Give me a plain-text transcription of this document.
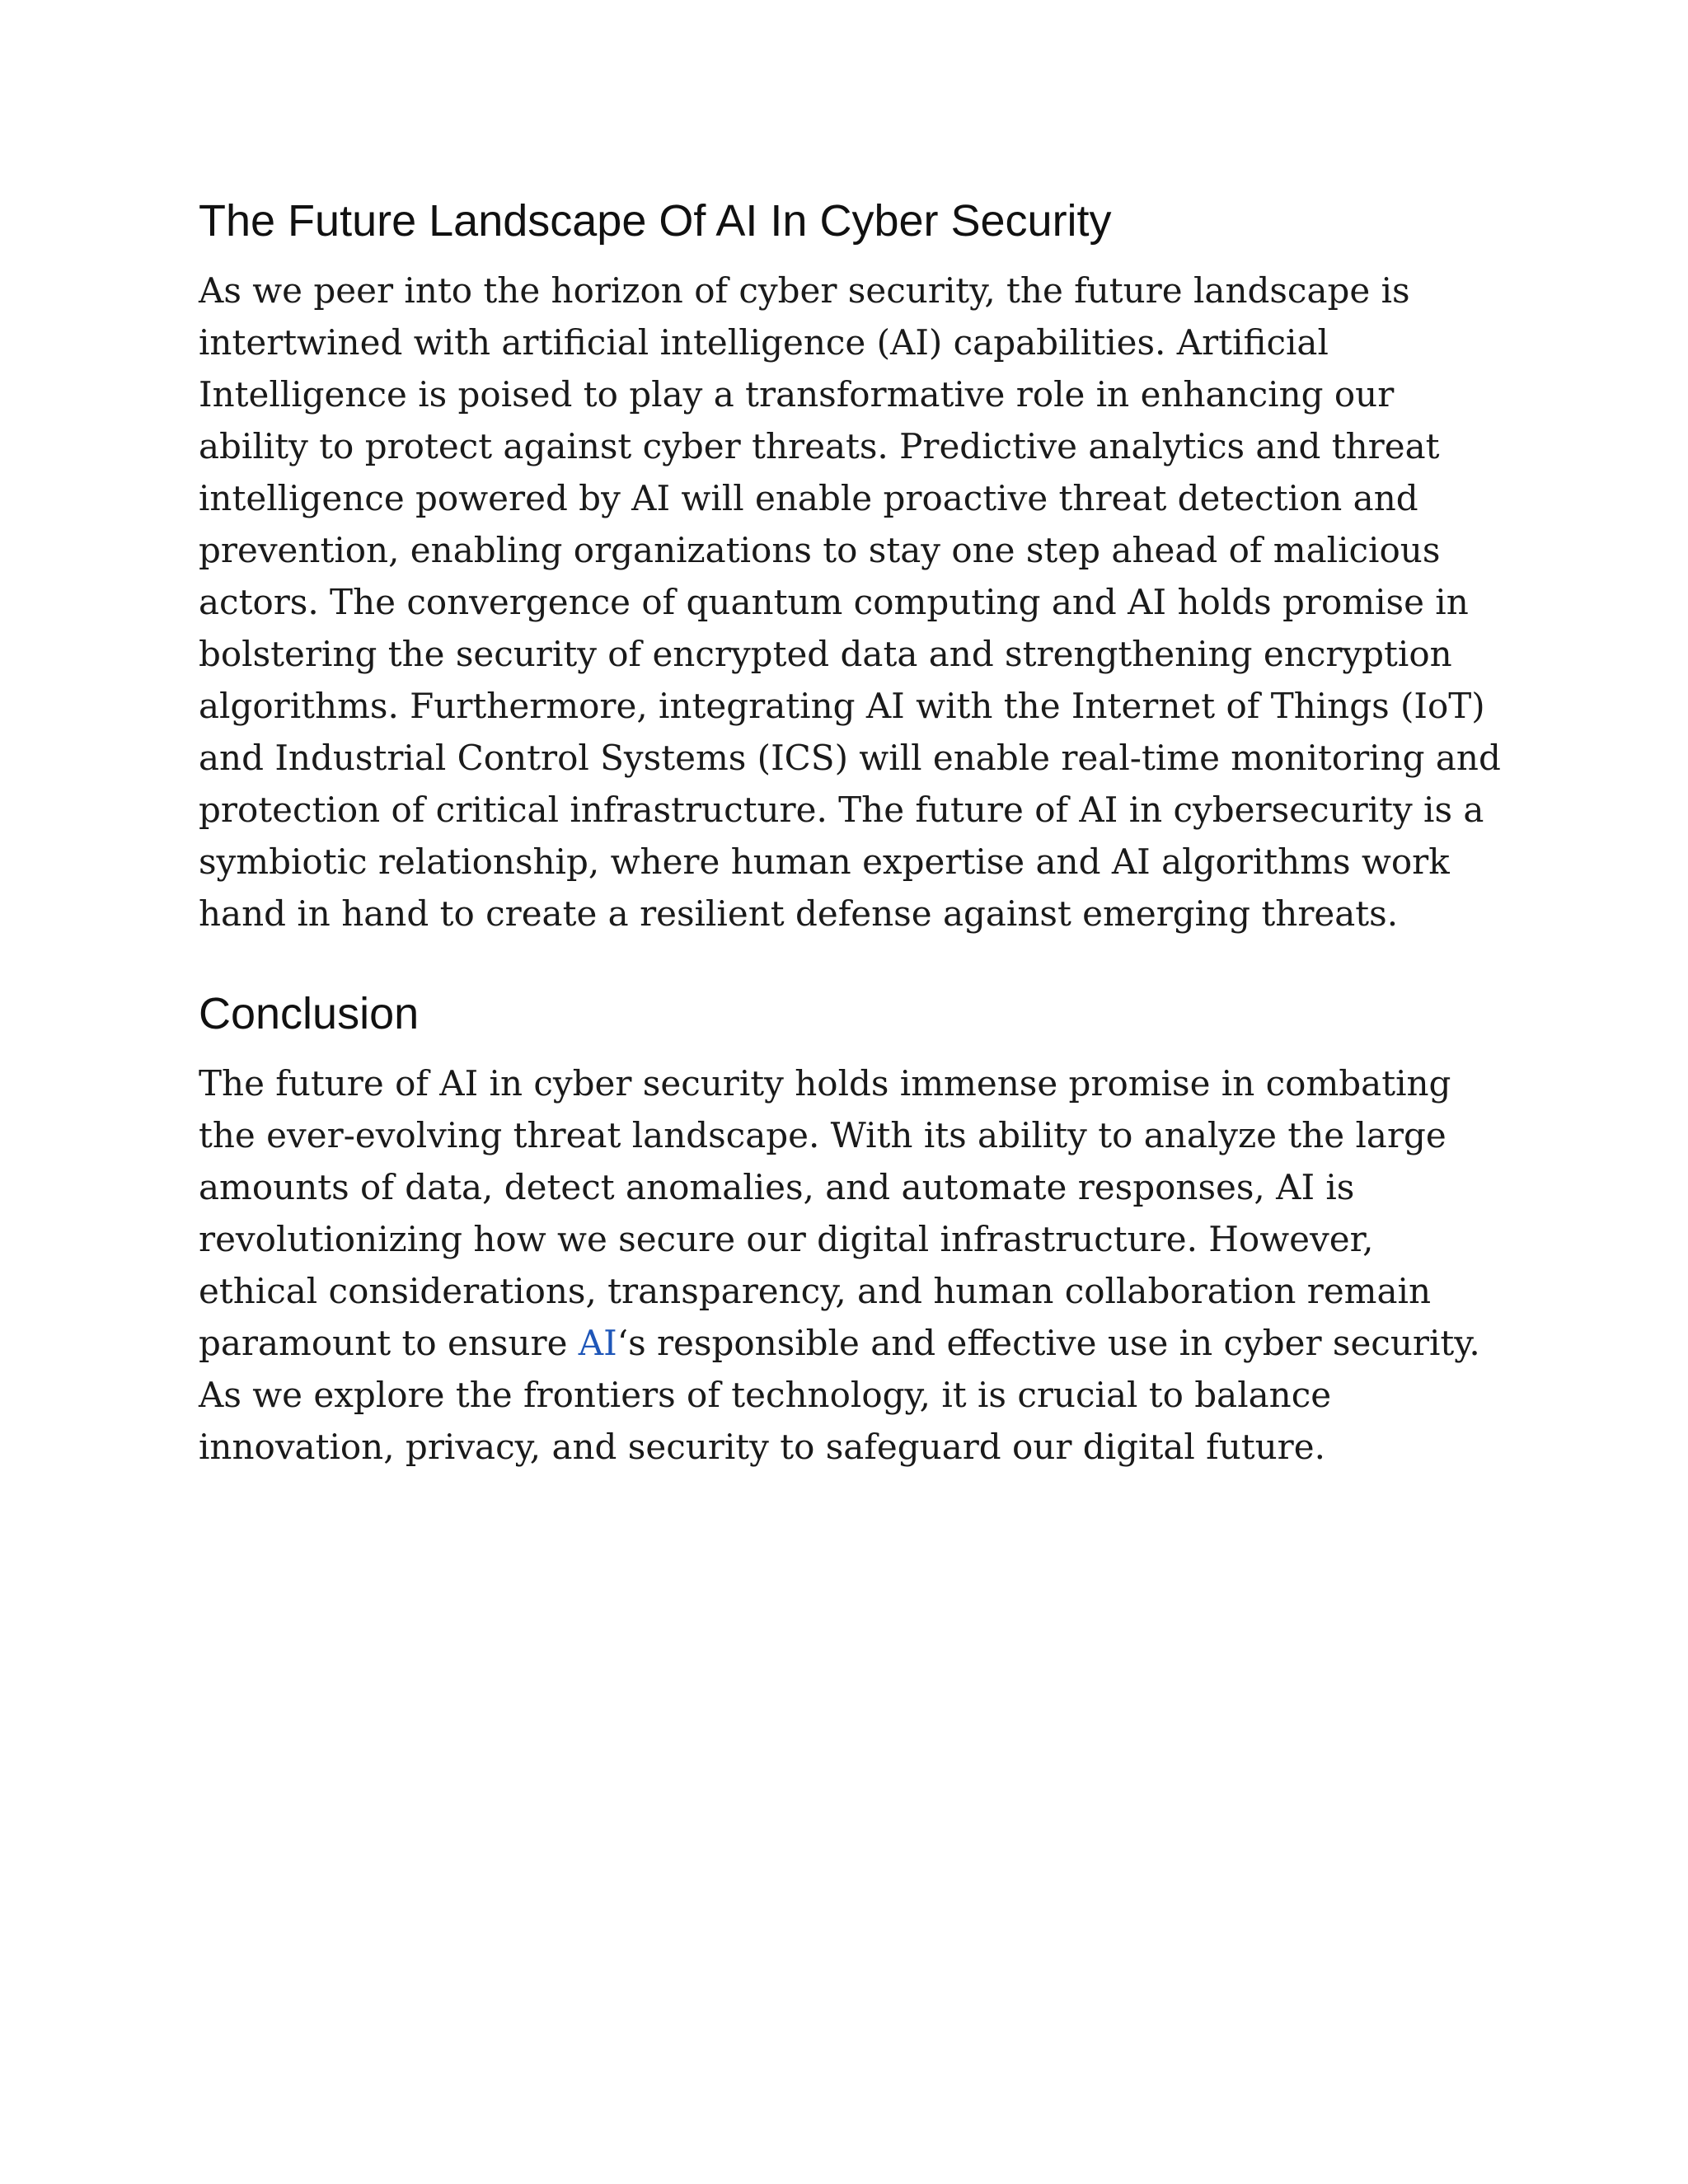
The Future Landscape Of AI In Cyber Security

As we peer into the horizon of cyber security, the future landscape is intertwined with artificial intelligence (AI) capabilities. Artificial Intelligence is poised to play a transformative role in enhancing our ability to protect against cyber threats. Predictive analytics and threat intelligence powered by AI will enable proactive threat detection and prevention, enabling organizations to stay one step ahead of malicious actors. The convergence of quantum computing and AI holds promise in bolstering the security of encrypted data and strengthening encryption algorithms. Furthermore, integrating AI with the Internet of Things (IoT) and Industrial Control Systems (ICS) will enable real-time monitoring and protection of critical infrastructure. The future of AI in cybersecurity is a symbiotic relationship, where human expertise and AI algorithms work hand in hand to create a resilient defense against emerging threats.

Conclusion

The future of AI in cyber security holds immense promise in combating the ever-evolving threat landscape. With its ability to analyze the large amounts of data, detect anomalies, and automate responses, AI is revolutionizing how we secure our digital infrastructure. However, ethical considerations, transparency, and human collaboration remain paramount to ensure AI‘s responsible and effective use in cyber security. As we explore the frontiers of technology, it is crucial to balance innovation, privacy, and security to safeguard our digital future.
